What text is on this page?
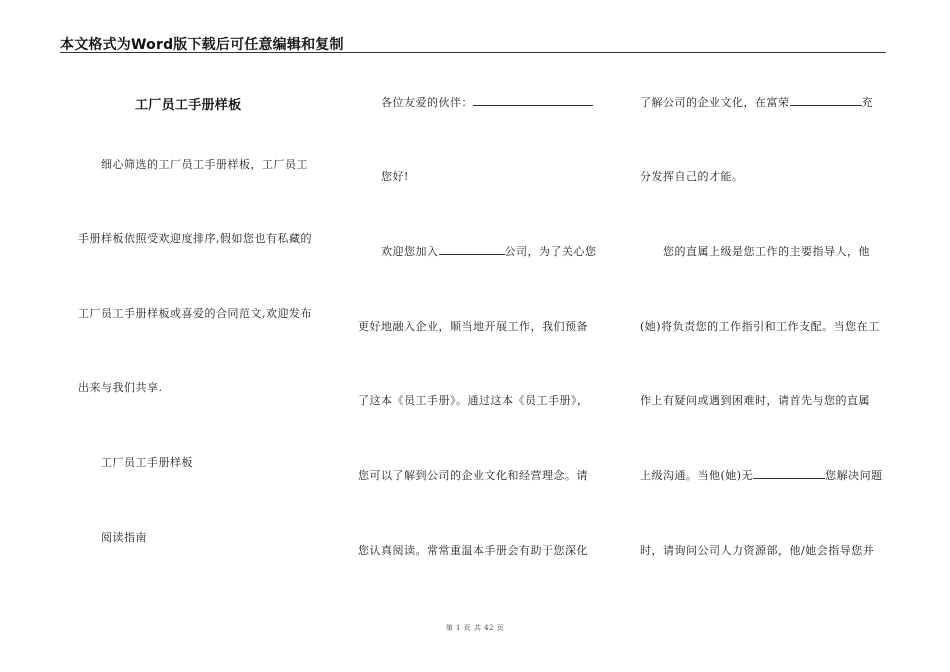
本文格式为Word版下载后可任意编辑和复制
工厂员工手册样板
细心筛选的工厂员工手册样板，工厂员工
手册样板依照受欢迎度排序,假如您也有私藏的
工厂员工手册样板或喜爱的合同范文,欢迎发布
出来与我们共享.
工厂员工手册样板
阅读指南
各位友爱的伙伴：
您好!
欢迎您加入	公司，为了关心您
更好地融入企业，顺当地开展工作，我们预备
了这本《员工手册》。通过这本《员工手册》，
您可以了解到公司的企业文化和经营理念。请
您认真阅读。常常重温本手册会有助于您深化
了解公司的企业文化，在富荣	充
分发挥自己的才能。
您的直属上级是您工作的主要指导人，他
(她)将负责您的工作指引和工作支配。当您在工
作上有疑问或遇到困难时，请首先与您的直属
上级沟通。当他(她)无	您解决问题
时，请询问公司人力资源部，他/她会指导您并
第 1 页 共 42 页
